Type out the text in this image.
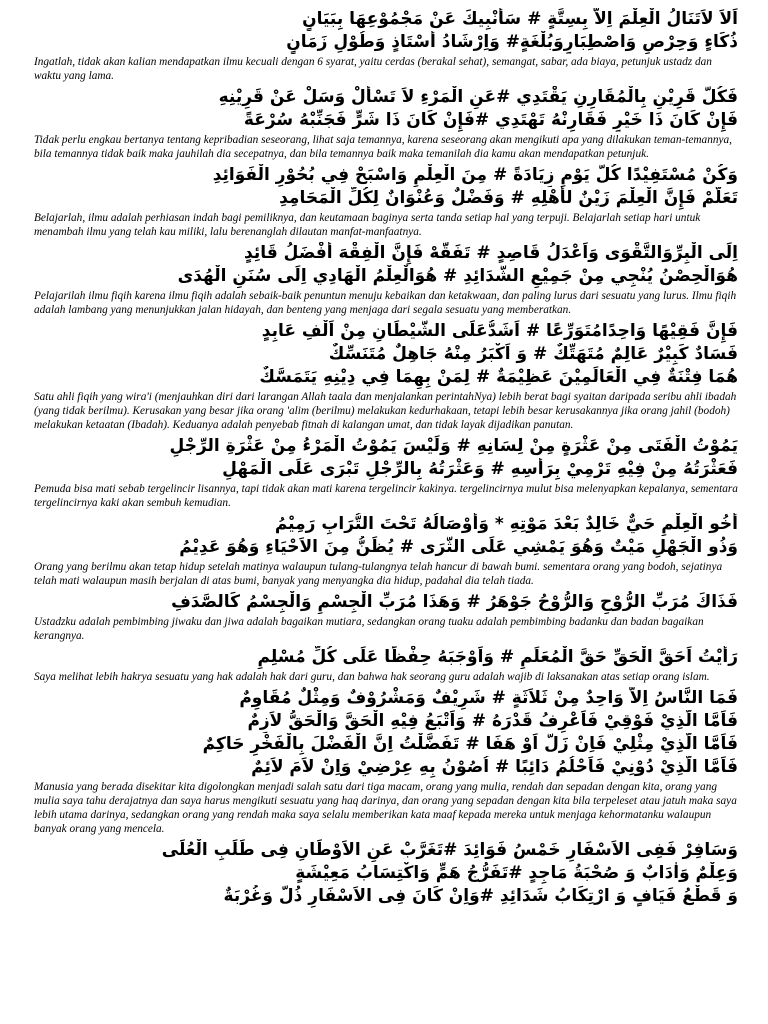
اَلاَ لاَتَنَالُ الْعِلْمَ اِلاَّ بِسِتَّةٍ # سَأُنْبِيكَ عَنْ مَجْمُوْعِهَا بِبَيَانٍ
ذُكَاءٍ وَحِرْصٍ وَاصْطِبَارٍوَبُلْغَةٍ# وَاِرْشَادُ أُسْتَاذٍ وَطُوْلِ زَمَانٍ

Ingatlah, tidak akan kalian mendapatkan ilmu kecuali dengan 6 syarat, yaitu cerdas (berakal sehat), semangat, sabar, ada biaya, petunjuk ustadz dan waktu yang lama.

فَكُلُّ قَرِيْنٍ بِالْمُقَارِنِ يَقْتَدِي #عَنِ الْمَرْءِ لاَ تَسْأَلْ وَسَلْ عَنْ قَرِيْنِهِ
فَإِنْ كَانَ ذَا خَيْرٍ فَقَارِنْهُ تَهْتَدِي #فَإِنْ كَانَ ذَا شَرٍّ فَجَنِّبْهُ سُرْعَةً

Tidak perlu engkau bertanya tentang kepribadian seseorang, lihat saja temannya, karena seseorang akan mengikuti apa yang dilakukan teman-temannya, bila temannya tidak baik maka jauhilah dia secepatnya, dan bila temannya baik maka temanilah dia kamu akan mendapatkan petunjuk.

وَكُنْ مُسْتَفِيْدًا كُلَّ يَوْمٍ زِيَادَةً # مِنَ الْعِلْمِ وَاسْبَحْ فِي بُحُوْرِ الْفَوَائِدِ
تَعَلَّمْ فَإِنَّ الْعِلْمَ زَيْنٌ لأَهْلِهِ # وَفَضْلٌ وَعُنْوَانٌ لِكُلِّ الْمَحَامِدِ

Belajarlah, ilmu adalah perhiasan indah bagi pemiliknya, dan keutamaan baginya serta tanda setiap hal yang terpuji. Belajarlah setiap hari untuk menambah ilmu yang telah kau miliki, lalu berenanglah dilautan manfat-manfaatnya.

اِلَى الْبِرِّوَالتَّقْوَى وَاَعْدَلُ قَاصِدٍ # تَفَقَّهْ فَإِنَّ الْفِقْهَ أَفْضَلُ قَائِدٍ
هُوَالْحِصْنُ يُنْجِي مِنْ جَمِيْعِ الشَّدَائِدِ # هُوَالْعِلْمُ الْهَادِي اِلَى سُنَنِ الْهُدَى

Pelajarilah ilmu fiqih karena ilmu fiqih adalah sebaik-baik penuntun menuju kebaikan dan ketakwaan, dan paling lurus dari sesuatu yang lurus. Ilmu fiqih adalah lambang yang menunjukkan jalan hidayah, dan benteng yang menjaga dari segala sesuatu yang memberatkan.

فَإِنَّ فَقِيْهًا وَاحِدًامُتَوَرِّعًا # اَشَدُّعَلَى الشَّيْطَانِ مِنْ اَلْفِ عَابِدٍ
فَسَادٌ كَبِيْرٌ عَالِمٌ مُتَهَتِّكٌ # وَ اَكْبَرُ مِنْهُ جَاهِلٌ مُتَنَسِّكٌ
هُمَا فِتْنَةٌ فِي الْعَالَمِيْنَ عَظِيْمَةٌ # لِمَنْ بِهِمَا فِي دِيْنِهِ يَتَمَسَّكٌ

Satu ahli fiqih yang wira'i (menjauhkan diri dari larangan Allah taala dan menjalankan perintahNya) lebih berat bagi syaitan daripada seribu ahli ibadah (yang tidak berilmu). Kerusakan yang besar jika orang 'alim (berilmu) melakukan kedurhakaan, tetapi lebih besar kerusakannya jika orang jahil (bodoh) melakukan ketaatan (Ibadah). Keduanya adalah penyebab fitnah di kalangan umat, dan tidak layak dijadikan panutan.

يَمُوْتُ الْفَتَى مِنْ عَثْرَةٍ مِنْ لِسَانِهِ # وَلَيْسَ يَمُوْتُ الْمَرْءُ مِنْ عَثْرَةِ الرِّجْلِ
فَعَثْرَتُهُ مِنْ فِيْهِ تَرْمِيْ بِرَأْسِهِ # وَعَثْرَتُهُ بِالرِّجْلِ تَبْرَى عَلَى الْمَهْلِ

Pemuda bisa mati sebab tergelincir lisannya, tapi tidak akan mati karena tergelincir kakinya. tergelincirnya mulut bisa melenyapkan kepalanya, sementara tergelincirnya kaki akan sembuh kemudian.

أَخُو الْعِلْمِ حَيٌّ خَالِدٌ بَعْدَ مَوْتِهِ * وَأَوْصَالُهُ تَحْتَ التُّرَابِ رَمِيْمُ
وَذُو الْجَهْلِ مَيْتٌ وَهُوَ يَمْشِي عَلَى الثَّرَى # يُظَنُّ مِنَ الاَحْيَاءِ وَهُوَ عَدِيْمُ

Orang yang berilmu akan tetap hidup setelah matinya walaupun tulang-tulangnya telah hancur di bawah bumi. sementara orang yang bodoh, sejatinya telah mati walaupun masih berjalan di atas bumi, banyak yang menyangka dia hidup, padahal dia telah tiada.

فَذَاكَ مُرَبِّ الرُّوْحِ وَالرُّوْحُ جَوْهَرُ # وَهَذَا مُرَبِّ الْجِسْمِ وَالْجِسْمُ كَالصَّدَفِ

Ustadzku adalah pembimbing jiwaku dan jiwa adalah bagaikan mutiara, sedangkan orang tuaku adalah pembimbing badanku dan badan bagaikan kerangnya.

رَأَيْتُ اَحَقَّ الْحَقِّ حَقَّ الْمُعَلِّمِ # وَاَوْجَبَهُ حِفْظًا عَلَى كُلِّ مُسْلِمٍ

Saya melihat lebih hakrya sesuatu yang hak adalah hak dari guru, dan bahwa hak seorang guru adalah wajib di laksanakan atas setiap orang islam.

فَمَا النَّاسُ اِلاَّ وَاحِدٌ مِنْ ثَلاَثَةٍ # شَرِيْفٌ وَمَشْرُوْفٌ وَمِثْلٌ مُقَاوِمٌ
فَاَمَّا الَّذِيْ فَوْقِيْ فَاَعْرِفُ قَدْرَهُ # وَاَتْبَعُ فِيْهِ الْحَقَّ وَالْحَقُّ لاَزِمٌ
فَاَمَّا الَّذِيْ مِثْلِيْ فَاِنْ زَلَّ اَوْ هَفَا # تَفَضَّلْتُ اِنَّ الْفَضْلَ بِالْفَخْرِ حَاكِمٌ
فَاَمَّا الَّذِيْ دُوْنِيْ فَاَحْلُمُ دَائِبًا # اُصُوْنُ بِهِ عِرْضِيْ وَاِنْ لاَمَ لاَئِمٌ

Manusia yang berada disekitar kita digolongkan menjadi salah satu dari tiga macam, orang yang mulia, rendah dan sepadan dengan kita, orang yang mulia saya tahu derajatnya dan saya harus mengikuti sesuatu yang haq darinya, dan orang yang sepadan dengan kita bila terpeleset atau jatuh maka saya lebih utama darinya, sedangkan orang yang rendah maka saya selalu memberikan kata maaf kepada mereka untuk menjaga kehormatanku walaupun banyak orang yang mencela.

وَسَافِرْ فَفِى الاَسْفَارِ خَمْسُ فَوَائِدَ #تَغَرَّبْ عَنِ الاَوْطَانِ فِى طَلَبِ الْعُلَى
وَعِلْمٌ وَاٰدَابٌ وَ صُحْبَةُ مَاجِدٍ #تَفَرُّجُ هَمٍّ وَاكْتِسَابُ مَعِيْشَةٍ
وَ قَطْعُ فَيَافٍ وَ ارْتِكَابُ شَدَائِدِ #وَاِنْ كَانَ فِى الاَسْفَارِ ذُلٌّ وَغُرْبَةٌ
